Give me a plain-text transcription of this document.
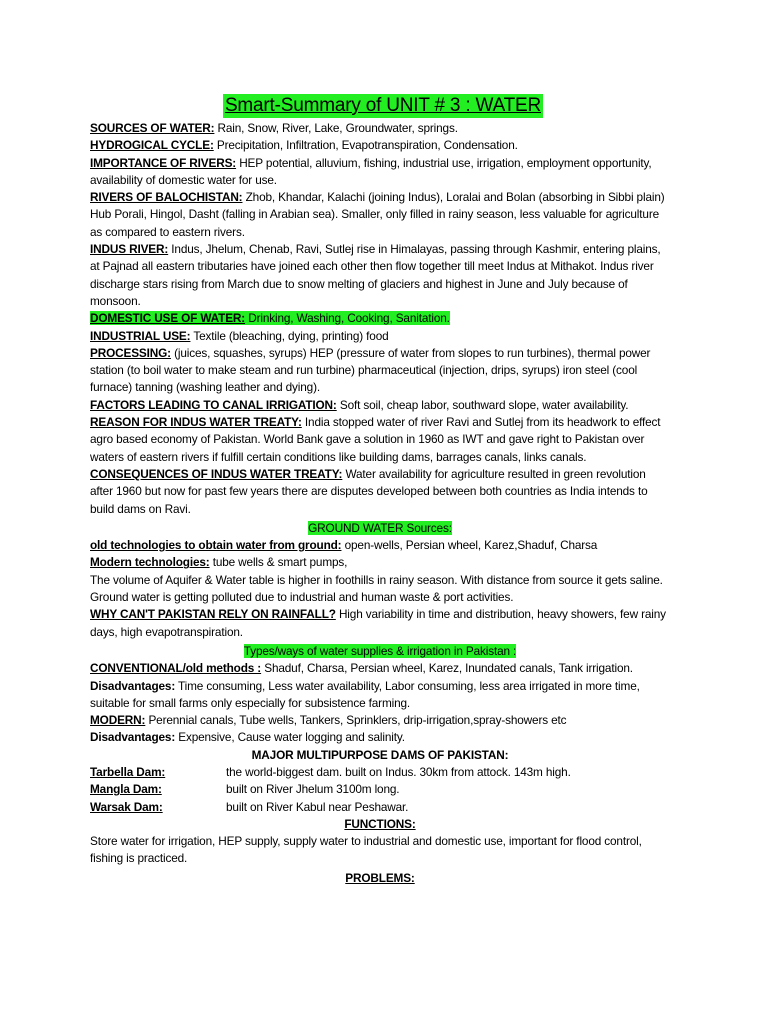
Smart-Summary of UNIT # 3 : WATER

SOURCES OF WATER: Rain, Snow, River, Lake, Groundwater, springs.

HYDROGICAL CYCLE: Precipitation, Infiltration, Evapotranspiration, Condensation.

IMPORTANCE OF RIVERS: HEP potential, alluvium, fishing, industrial use, irrigation, employment opportunity, availability of domestic water for use.

RIVERS OF BALOCHISTAN: Zhob, Khandar, Kalachi (joining Indus), Loralai and Bolan (absorbing in Sibbi plain) Hub Porali, Hingol, Dasht (falling in Arabian sea). Smaller, only filled in rainy season, less valuable for agriculture as compared to eastern rivers.

INDUS RIVER: Indus, Jhelum, Chenab, Ravi, Sutlej rise in Himalayas, passing through Kashmir, entering plains, at Pajnad all eastern tributaries have joined each other then flow together till meet Indus at Mithakot. Indus river discharge stars rising from March due to snow melting of glaciers and highest in June and July because of monsoon.

DOMESTIC USE OF WATER: Drinking, Washing, Cooking, Sanitation.

INDUSTRIAL USE: Textile (bleaching, dying, printing) food

PROCESSING: (juices, squashes, syrups) HEP (pressure of water from slopes to run turbines), thermal power station (to boil water to make steam and run turbine) pharmaceutical (injection, drips, syrups) iron steel (cool furnace) tanning (washing leather and dying).

FACTORS LEADING TO CANAL IRRIGATION: Soft soil, cheap labor, southward slope, water availability.

REASON FOR INDUS WATER TREATY: India stopped water of river Ravi and Sutlej from its headwork to effect agro based economy of Pakistan. World Bank gave a solution in 1960 as IWT and gave right to Pakistan over waters of eastern rivers if fulfill certain conditions like building dams, barrages canals, links canals.

CONSEQUENCES OF INDUS WATER TREATY: Water availability for agriculture resulted in green revolution after 1960 but now for past few years there are disputes developed between both countries as India intends to build dams on Ravi.

GROUND WATER Sources:

old technologies to obtain water from ground: open-wells, Persian wheel, Karez,Shaduf, Charsa

Modern technologies: tube wells & smart pumps,

The volume of Aquifer & Water table is higher in foothills in rainy season. With distance from source it gets saline. Ground water is getting polluted due to industrial and human waste & port activities.

WHY CAN'T PAKISTAN RELY ON RAINFALL? High variability in time and distribution, heavy showers, few rainy days, high evapotranspiration.

Types/ways of water supplies & irrigation in Pakistan :

CONVENTIONAL/old methods : Shaduf, Charsa, Persian wheel, Karez, Inundated canals, Tank irrigation.

Disadvantages: Time consuming, Less water availability, Labor consuming, less area irrigated in more time, suitable for small farms only especially for subsistence farming.

MODERN: Perennial canals, Tube wells, Tankers, Sprinklers, drip-irrigation,spray-showers etc

Disadvantages: Expensive, Cause water logging and salinity.

MAJOR MULTIPURPOSE DAMS OF PAKISTAN:

Tarbella Dam:	the world-biggest dam. built on Indus. 30km from attock. 143m high.
Mangla Dam:	built on River Jhelum 3100m long.
Warsak Dam:	built on River Kabul near Peshawar.

FUNCTIONS:

Store water for irrigation, HEP supply, supply water to industrial and domestic use, important for flood control, fishing is practiced.

PROBLEMS:
